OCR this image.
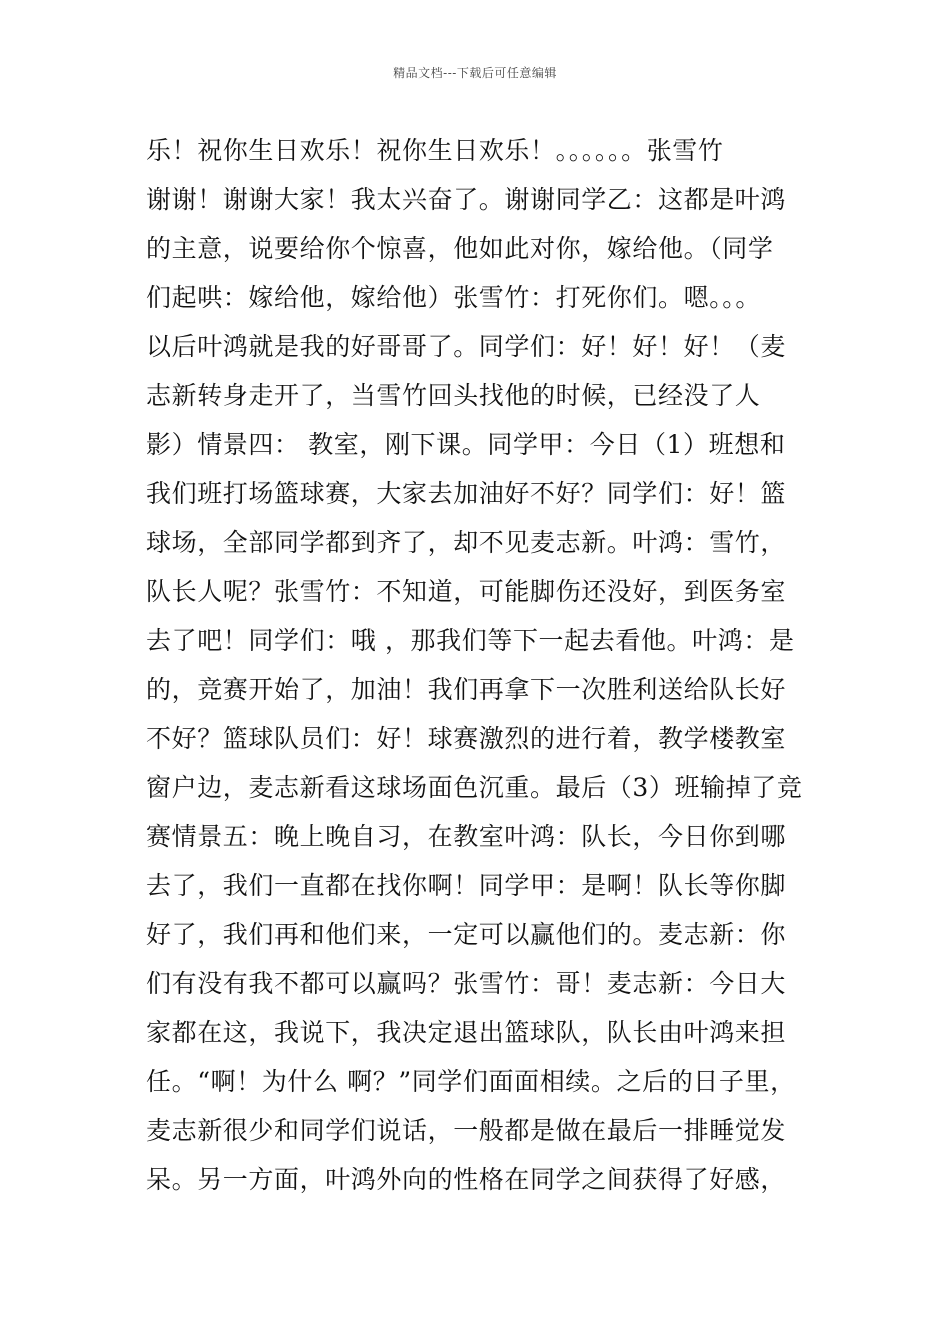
精品文档---下载后可任意编辑
乐！祝你生日欢乐！祝你生日欢乐！。。。。。。张雪竹
谢谢！谢谢大家！我太兴奋了。谢谢同学乙：这都是叶鸿
的主意，说要给你个惊喜，他如此对你，嫁给他。（同学
们起哄：嫁给他，嫁给他）张雪竹：打死你们。嗯。。。
以后叶鸿就是我的好哥哥了。同学们：好！好！好！（麦
志新转身走开了，当雪竹回头找他的时候，已经没了人
影）情景四： 教室，刚下课。同学甲：今日（1）班想和
我们班打场篮球赛，大家去加油好不好？同学们：好！篮
球场，全部同学都到齐了，却不见麦志新。叶鸿：雪竹，
队长人呢？张雪竹：不知道，可能脚伤还没好，到医务室
去了吧！同学们：哦 ，那我们等下一起去看他。叶鸿：是
的，竞赛开始了，加油！我们再拿下一次胜利送给队长好
不好？篮球队员们：好！球赛激烈的进行着，教学楼教室
窗户边，麦志新看这球场面色沉重。最后（3）班输掉了竞
赛情景五：晚上晚自习，在教室叶鸿：队长，今日你到哪
去了，我们一直都在找你啊！同学甲：是啊！队长等你脚
好了，我们再和他们来，一定可以赢他们的。麦志新：你
们有没有我不都可以赢吗？张雪竹：哥！麦志新：今日大
家都在这，我说下，我决定退出篮球队，队长由叶鸿来担
任。“啊！为什么 啊？”同学们面面相续。之后的日子里，
麦志新很少和同学们说话，一般都是做在最后一排睡觉发
呆。另一方面，叶鸿外向的性格在同学之间获得了好感，
